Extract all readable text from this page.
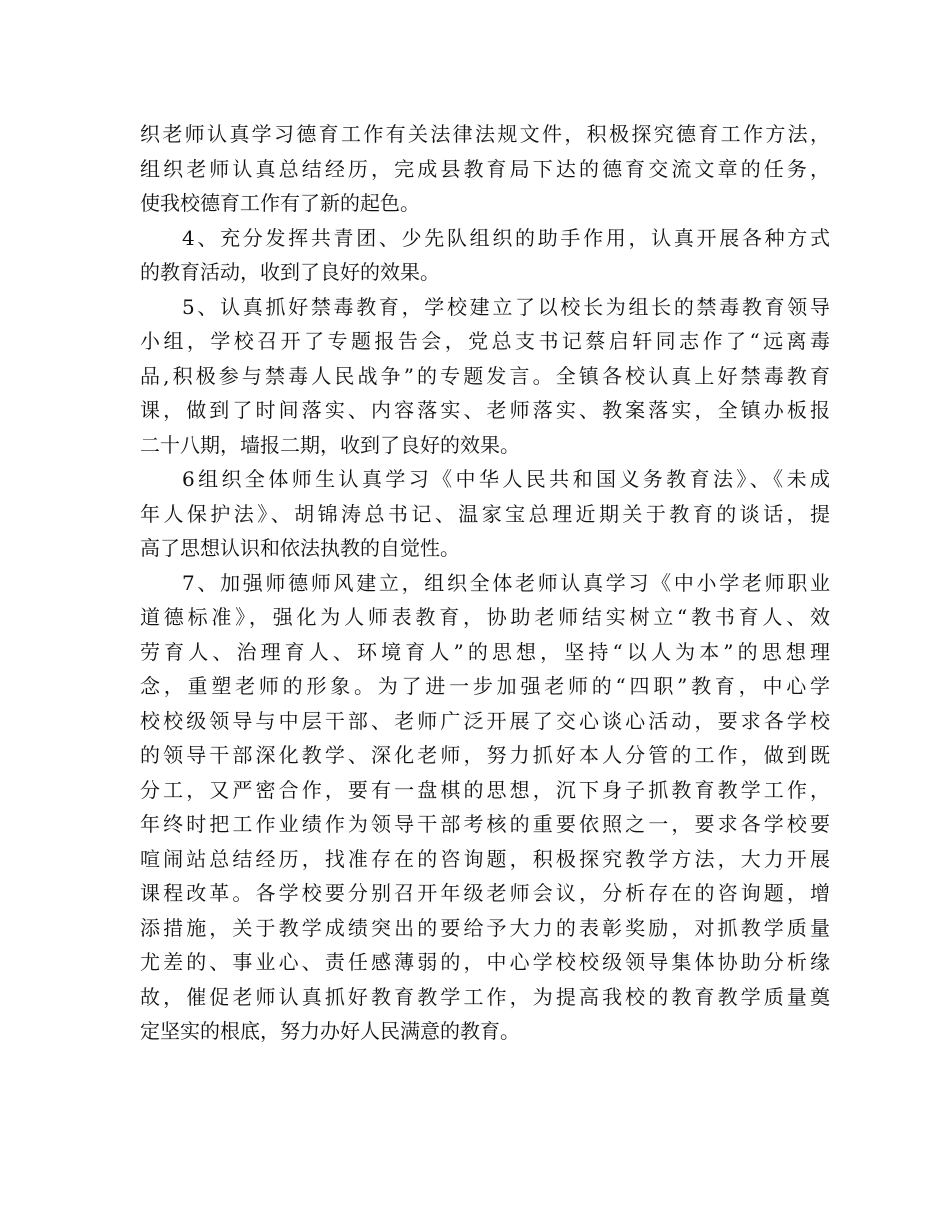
织老师认真学习德育工作有关法律法规文件，积极探究德育工作方法，
组织老师认真总结经历，完成县教育局下达的德育交流文章的任务，
使我校德育工作有了新的起色。
4、充分发挥共青团、少先队组织的助手作用，认真开展各种方式
的教育活动，收到了良好的效果。
5、认真抓好禁毒教育，学校建立了以校长为组长的禁毒教育领导
小组，学校召开了专题报告会，党总支书记蔡启轩同志作了“远离毒
品,积极参与禁毒人民战争”的专题发言。全镇各校认真上好禁毒教育
课，做到了时间落实、内容落实、老师落实、教案落实，全镇办板报
二十八期，墙报二期，收到了良好的效果。
6组织全体师生认真学习《中华人民共和国义务教育法》、《未成
年人保护法》、胡锦涛总书记、温家宝总理近期关于教育的谈话，提
高了思想认识和依法执教的自觉性。
7、加强师德师风建立，组织全体老师认真学习《中小学老师职业
道德标准》，强化为人师表教育，协助老师结实树立“教书育人、效
劳育人、治理育人、环境育人”的思想，坚持“以人为本”的思想理
念，重塑老师的形象。为了进一步加强老师的“四职”教育，中心学
校校级领导与中层干部、老师广泛开展了交心谈心活动，要求各学校
的领导干部深化教学、深化老师，努力抓好本人分管的工作，做到既
分工，又严密合作，要有一盘棋的思想，沉下身子抓教育教学工作，
年终时把工作业绩作为领导干部考核的重要依照之一，要求各学校要
喧闹站总结经历，找准存在的咨询题，积极探究教学方法，大力开展
课程改革。各学校要分别召开年级老师会议，分析存在的咨询题，增
添措施，关于教学成绩突出的要给予大力的表彰奖励，对抓教学质量
尤差的、事业心、责任感薄弱的，中心学校校级领导集体协助分析缘
故，催促老师认真抓好教育教学工作，为提高我校的教育教学质量奠
定坚实的根底，努力办好人民满意的教育。
